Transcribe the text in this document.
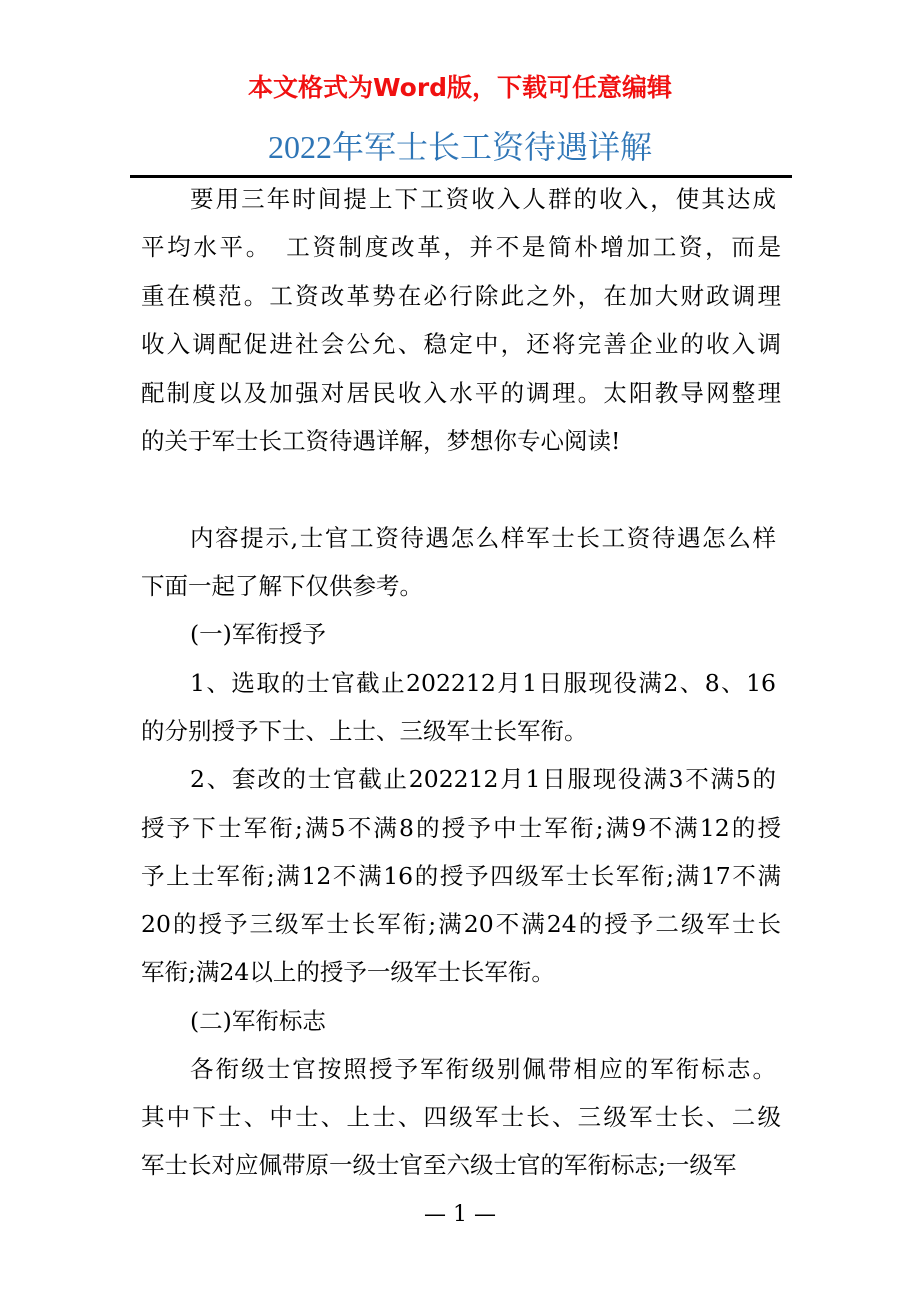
本文格式为Word版，下载可任意编辑
2022年军士长工资待遇详解
要用三年时间提上下工资收入人群的收入，使其达成
平均水平。　工资制度改革，并不是简朴增加工资，而是
重在模范。工资改革势在必行除此之外，在加大财政调理
收入调配促进社会公允、稳定中，还将完善企业的收入调
配制度以及加强对居民收入水平的调理。太阳教导网整理
的关于军士长工资待遇详解，梦想你专心阅读!
内容提示,士官工资待遇怎么样军士长工资待遇怎么样
下面一起了解下仅供参考。
(一)军衔授予
1、选取的士官截止202212月1日服现役满2、8、16
的分别授予下士、上士、三级军士长军衔。
2、套改的士官截止202212月1日服现役满3不满5的
授予下士军衔;满5不满8的授予中士军衔;满9不满12的授
予上士军衔;满12不满16的授予四级军士长军衔;满17不满
20的授予三级军士长军衔;满20不满24的授予二级军士长
军衔;满24以上的授予一级军士长军衔。
(二)军衔标志
各衔级士官按照授予军衔级别佩带相应的军衔标志。
其中下士、中士、上士、四级军士长、三级军士长、二级
军士长对应佩带原一级士官至六级士官的军衔标志;一级军
— 1 —
